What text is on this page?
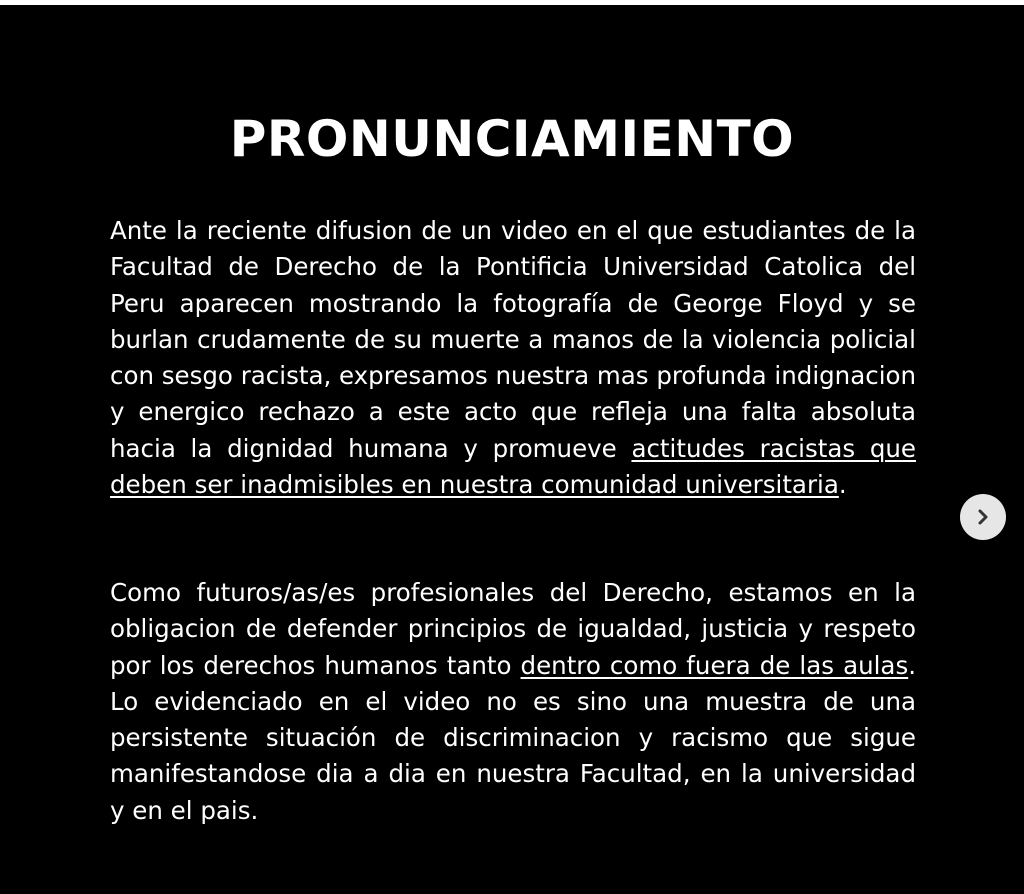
PRONUNCIAMIENTO

Ante la reciente difusion de un video en el que estudiantes de la Facultad de Derecho de la Pontificia Universidad Catolica del Peru aparecen mostrando la fotografía de George Floyd y se burlan crudamente de su muerte a manos de la violencia policial con sesgo racista, expresamos nuestra mas profunda indignacion y energico rechazo a este acto que refleja una falta absoluta hacia la dignidad humana y promueve actitudes racistas que deben ser inadmisibles en nuestra comunidad universitaria.

Como futuros/as/es profesionales del Derecho, estamos en la obligacion de defender principios de igualdad, justicia y respeto por los derechos humanos tanto dentro como fuera de las aulas. Lo evidenciado en el video no es sino una muestra de una persistente situación de discriminacion y racismo que sigue manifestandose dia a dia en nuestra Facultad, en la universidad y en el pais.
